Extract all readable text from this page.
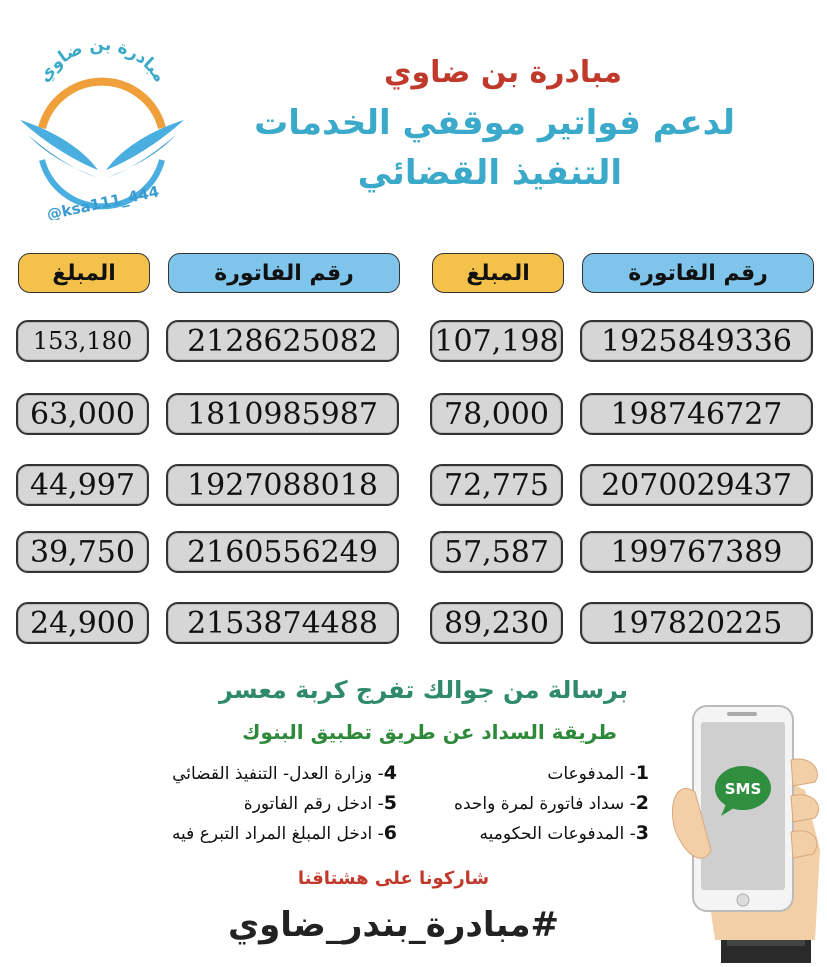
مبادرة بن ضاوي
@ksa111_444
مبادرة بن ضاوي
لدعم فواتير موقفي الخدمات
التنفيذ القضائي
رقم الفاتورة
المبلغ
رقم الفاتورة
المبلغ
1925849336
107,198
198746727
78,000
2070029437
72,775
199767389
57,587
197820225
89,230
2128625082
153,180
1810985987
63,000
1927088018
44,997
2160556249
39,750
2153874488
24,900
برسالة من جوالك تفرج كربة معسر
طريقة السداد عن طريق تطبيق البنوك
1- المدفوعات
2- سداد فاتورة لمرة واحده
3- المدفوعات الحكوميه
4- وزارة العدل- التنفيذ القضائي
5- ادخل رقم الفاتورة
6- ادخل المبلغ المراد التبرع فيه
شاركونا على هشتاقنا
#مبادرة_بندر_ضاوي
SMS
